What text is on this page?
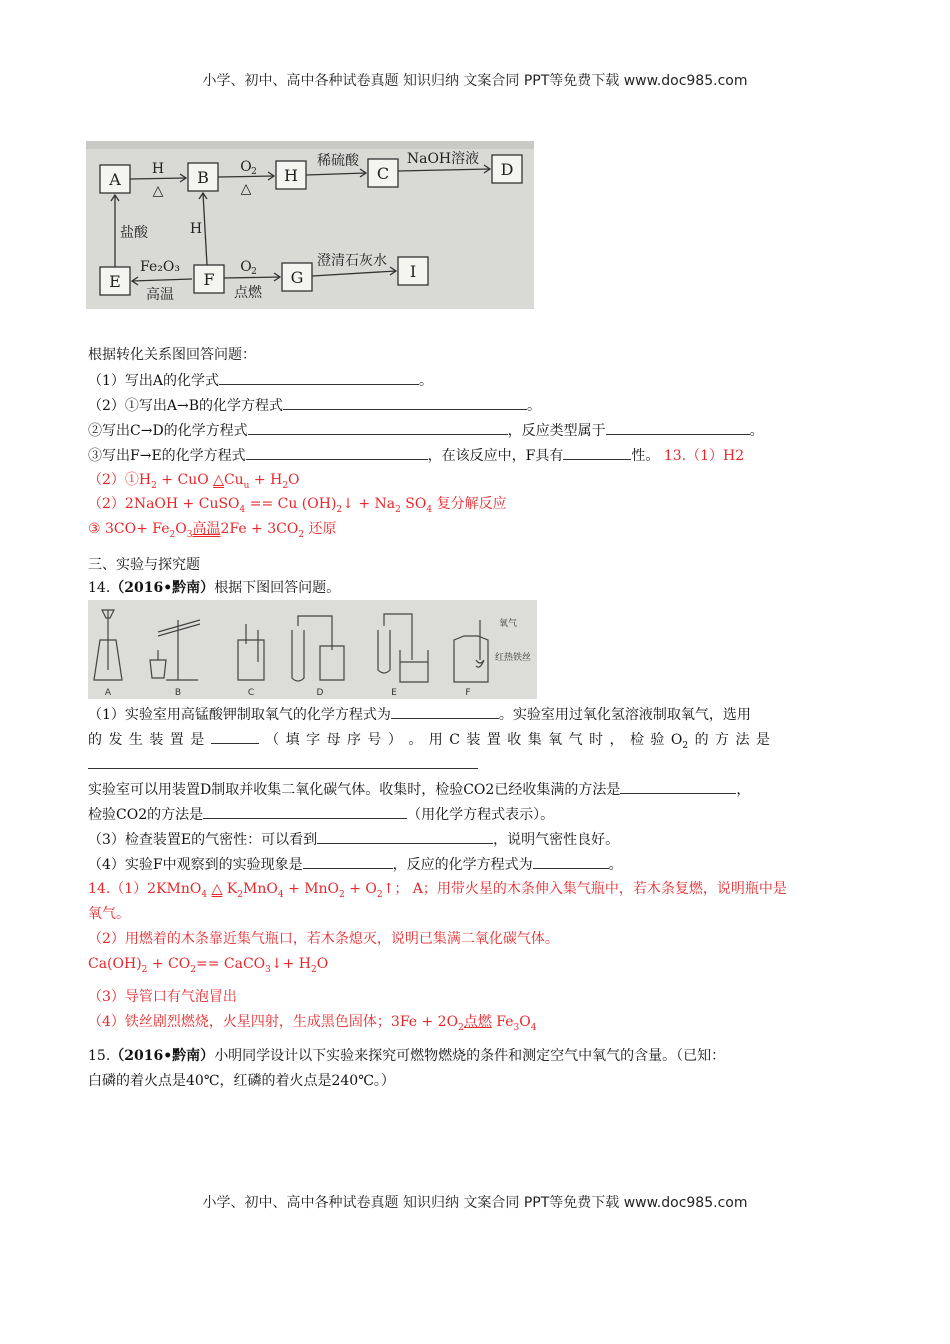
小学、初中、高中各种试卷真题 知识归纳 文案合同 PPT等免费下载 www.doc985.com
A	B	H	C	D
E	F	G	I
H
△
O 2
△
稀硫酸	NaOH溶液
盐酸	H
Fe₂O₃
高温
O 2
点燃
澄清石灰水
根据转化关系图回答问题：
（1）写出A的化学式	。
（2）①写出A→B的化学方程式	。
②写出C→D的化学方程式	，反应类型属于	。
③写出F→E的化学方程式	，在该反应中，F具有	性。 13.（1）H2
$(2)①H_2$ + CuO $\triangle Cu_u + H_2O$
（2）2NaOH + CuSO$_4$ == Cu $(OH)_2↓ + Na_2$ $SO_4$ 复分解反应
③ $3CO+ Fe_2O_3$高温$2Fe + 3CO_2$ 还原
三、实验与探究题
14.（2016•黔南）根据下图回答问题。
A	B	C	D	E	F
氧气
红热铁丝
（1）实验室用高锰酸钾制取氧气的化学方程式为	。实验室用过氧化氢溶液制取氧气，选用
的 发 生 装 置 是	（ 填 字 母 序 号 ） 。 用 C 装 置 收 集 氧 气 时 ， 检 验 $O_2$ 的 方 法 是
实验室可以用装置D制取并收集二氧化碳气体。收集时，检验CO2已经收集满的方法是	，
检验CO2的方法是	（用化学方程式表示）。
（3）检查装置E的气密性：可以看到	，说明气密性良好。
（4）实验F中观察到的实验现象是	，反应的化学方程式为	。
14.（1）2KMnO$_4$ △ $K_2MnO_4 + MnO_2$ + $O_2↑$； A；用带火星的木条伸入集气瓶中，若木条复燃，说明瓶中是
氧气。
（2）用燃着的木条靠近集气瓶口，若木条熄灭，说明已集满二氧化碳气体。
$Ca(OH)_2 + CO_2==$ CaCO$_3$↓+ $H_2O$
（3）导管口有气泡冒出
（4）铁丝剧烈燃烧，火星四射，生成黑色固体；$3Fe + 2O_2$点燃 $Fe_3O_4$
15.（2016•黔南）小明同学设计以下实验来探究可燃物燃烧的条件和测定空气中氧气的含量。（已知：
白磷的着火点是40℃，红磷的着火点是240℃。）
小学、初中、高中各种试卷真题 知识归纳 文案合同 PPT等免费下载 www.doc985.com
